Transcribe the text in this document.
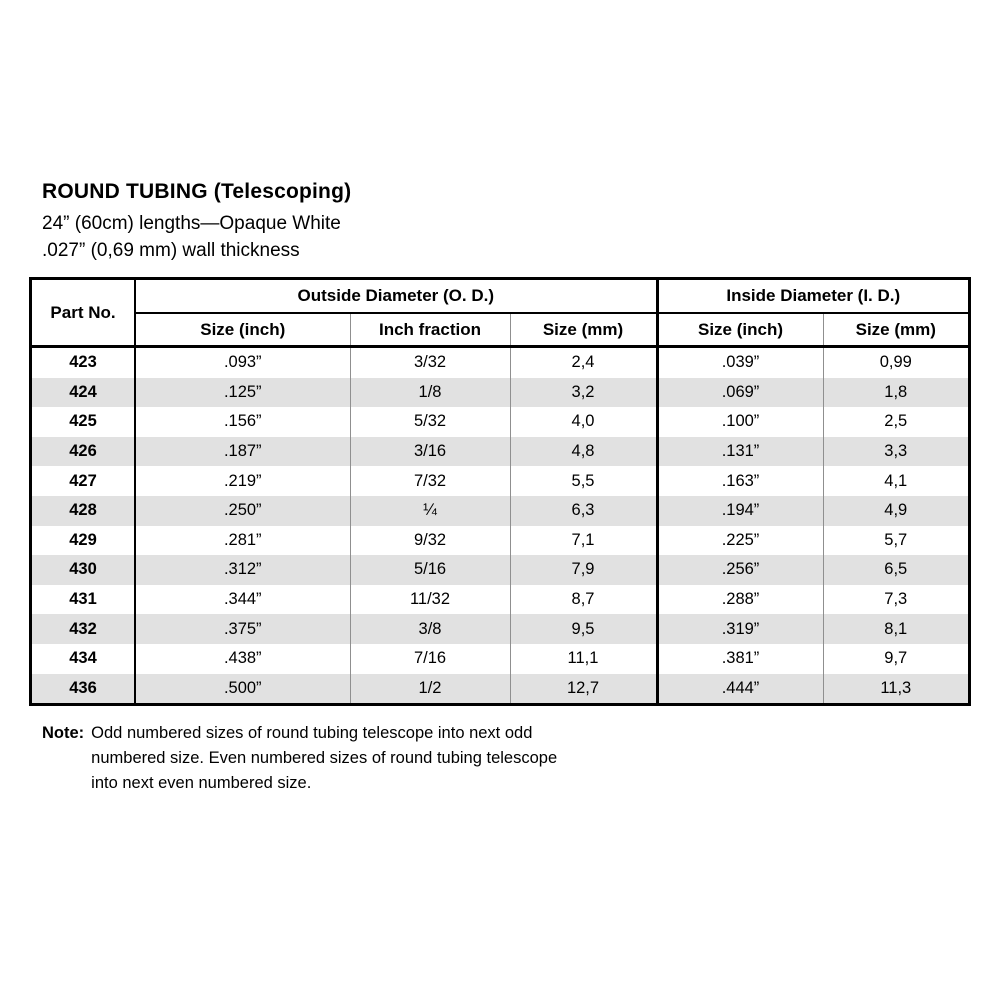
ROUND TUBING (Telescoping)

24” (60cm) lengths—Opaque White

.027” (0,69 mm) wall thickness

Part No.	Outside Diameter (O. D.)			Inside Diameter (I. D.)	
	Size (inch)	Inch fraction	Size (mm)	Size (inch)	Size (mm)
423	.093”	3/32	2,4	.039”	0,99
424	.125”	1/8	3,2	.069”	1,8
425	.156”	5/32	4,0	.100”	2,5
426	.187”	3/16	4,8	.131”	3,3
427	.219”	7/32	5,5	.163”	4,1
428	.250”	¼	6,3	.194”	4,9
429	.281”	9/32	7,1	.225”	5,7
430	.312”	5/16	7,9	.256”	6,5
431	.344”	11/32	8,7	.288”	7,3
432	.375”	3/8	9,5	.319”	8,1
434	.438”	7/16	11,1	.381”	9,7
436	.500”	1/2	12,7	.444”	11,3
Note: Odd numbered sizes of round tubing telescope into next odd
numbered size. Even numbered sizes of round tubing telescope
into next even numbered size.
